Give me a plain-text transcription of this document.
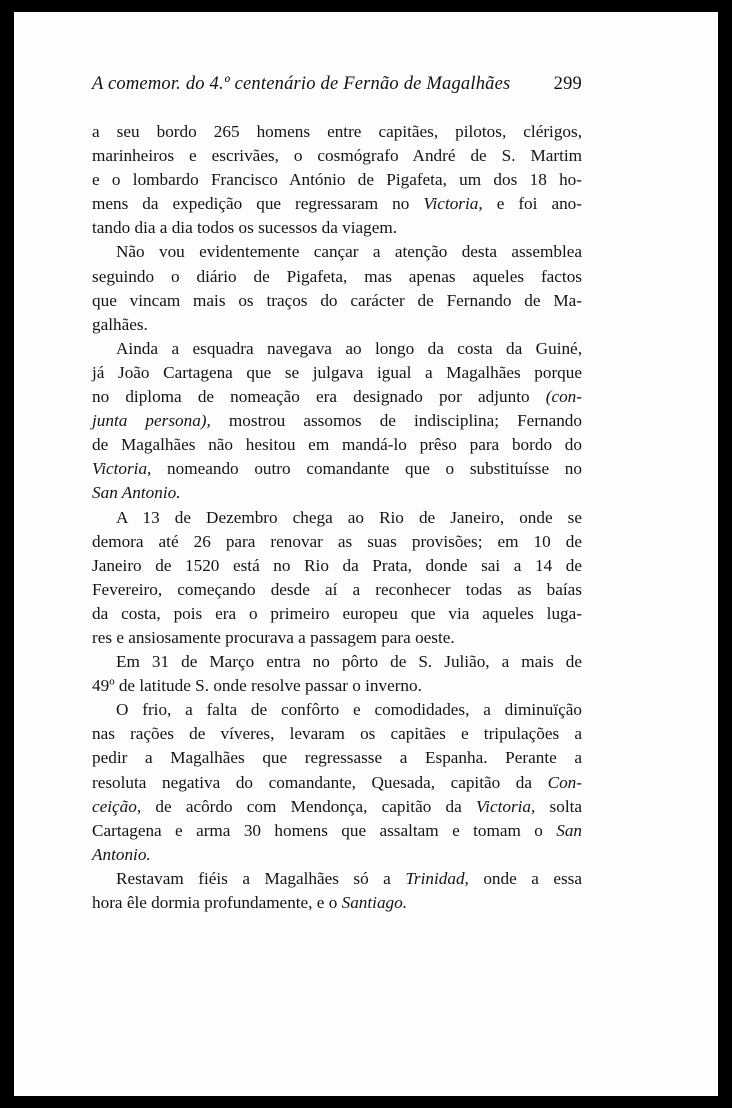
A comemor. do 4.º centenário de Fernão de Magalhães 299
a seu bordo 265 homens entre capitães, pilotos, clérigos,
marinheiros e escrivães, o cosmógrafo André de S. Martim
e o lombardo Francisco António de Pigafeta, um dos 18 ho-
mens da expedição que regressaram no Victoria, e foi ano-
tando dia a dia todos os sucessos da viagem.
Não vou evidentemente cançar a atenção desta assemblea
seguindo o diário de Pigafeta, mas apenas aqueles factos
que vincam mais os traços do carácter de Fernando de Ma-
galhães.
Ainda a esquadra navegava ao longo da costa da Guiné,
já João Cartagena que se julgava igual a Magalhães porque
no diploma de nomeação era designado por adjunto (con-
junta persona), mostrou assomos de indisciplina; Fernando
de Magalhães não hesitou em mandá-lo prêso para bordo do
Victoria, nomeando outro comandante que o substituísse no
San Antonio.
A 13 de Dezembro chega ao Rio de Janeiro, onde se
demora até 26 para renovar as suas provisões; em 10 de
Janeiro de 1520 está no Rio da Prata, donde sai a 14 de
Fevereiro, começando desde aí a reconhecer todas as baías
da costa, pois era o primeiro europeu que via aqueles luga-
res e ansiosamente procurava a passagem para oeste.
Em 31 de Março entra no pôrto de S. Julião, a mais de
49º de latitude S. onde resolve passar o inverno.
O frio, a falta de confôrto e comodidades, a diminuïção
nas rações de víveres, levaram os capitães e tripulações a
pedir a Magalhães que regressasse a Espanha. Perante a
resoluta negativa do comandante, Quesada, capitão da Con-
ceição, de acôrdo com Mendonça, capitão da Victoria, solta
Cartagena e arma 30 homens que assaltam e tomam o San
Antonio.
Restavam fiéis a Magalhães só a Trinidad, onde a essa
hora êle dormia profundamente, e o Santiago.
